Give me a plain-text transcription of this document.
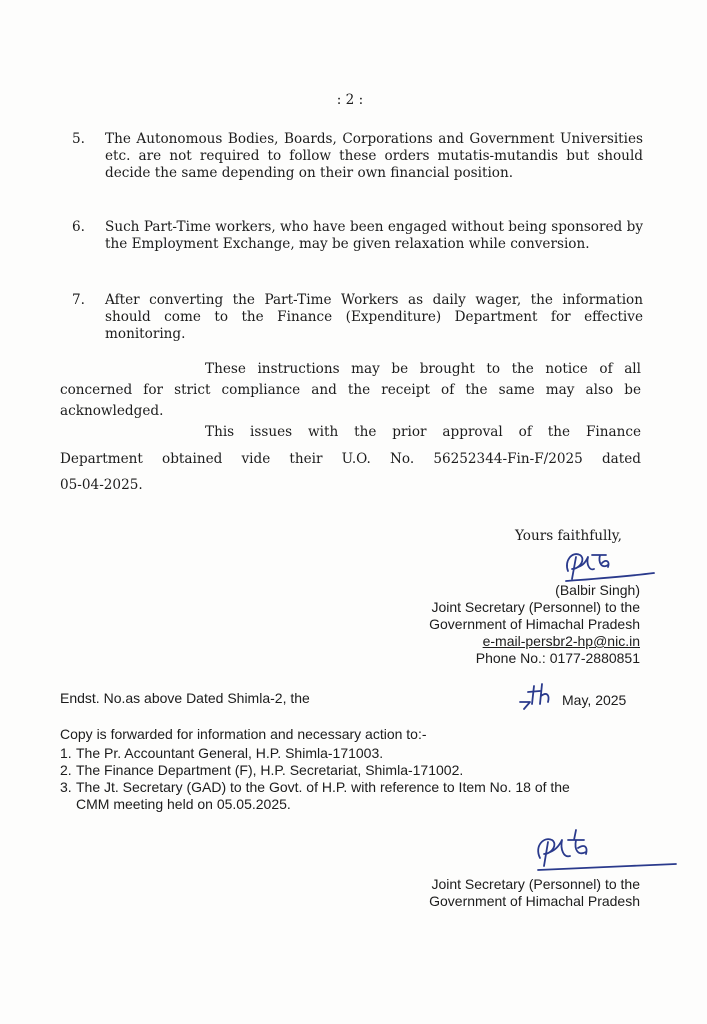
: 2 :
5. The Autonomous Bodies, Boards, Corporations and Government Universities etc. are not required to follow these orders mutatis-mutandis but should decide the same depending on their own financial position.
6. Such Part-Time workers, who have been engaged without being sponsored by the Employment Exchange, may be given relaxation while conversion.
7. After converting the Part-Time Workers as daily wager, the information should come to the Finance (Expenditure) Department for effective monitoring.
These instructions may be brought to the notice of all
concerned for strict compliance and the receipt of the same may also be
acknowledged.
This issues with the prior approval of the Finance
Department obtained vide their U.O. No. 56252344-Fin-F/2025 dated
05-04-2025.
Yours faithfully,
(Balbir Singh)
Joint Secretary (Personnel) to the
Government of Himachal Pradesh
e-mail-persbr2-hp@nic.in
Phone No.: 0177-2880851
Endst. No.as above Dated Shimla-2, the	May, 2025
Copy is forwarded for information and necessary action to:-
1. The Pr. Accountant General, H.P. Shimla-171003.
2. The Finance Department (F), H.P. Secretariat, Shimla-171002.
3. The Jt. Secretary (GAD) to the Govt. of H.P. with reference to Item No. 18 of the CMM meeting held on 05.05.2025.
Joint Secretary (Personnel) to the
Government of Himachal Pradesh
